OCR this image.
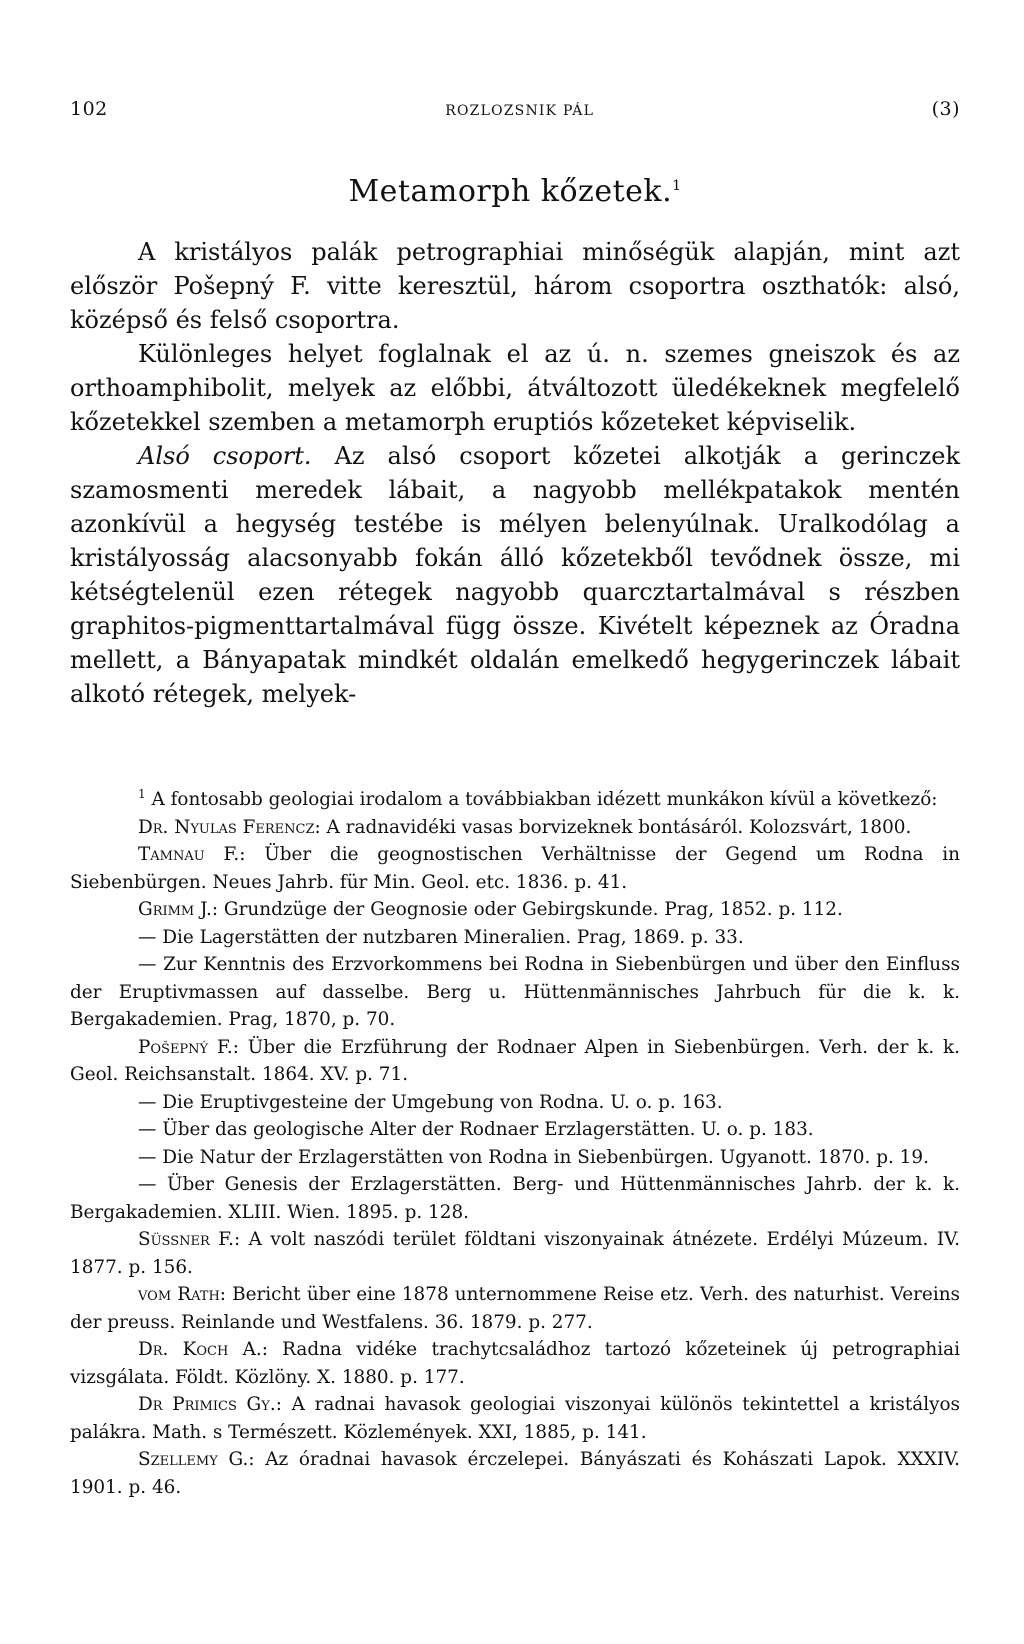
102	ROZLOZSNIK PÁL	(3)
Metamorph kőzetek.$^1$

A kristályos palák petrographiai minőségük alapján, mint azt először Pošepný F. vitte keresztül, három csoportra oszthatók: alsó, középső és felső csoportra.

Különleges helyet foglalnak el az ú. n. szemes gneiszok és az orthoamphibolit, melyek az előbbi, átváltozott üledékeknek megfelelő kőzetekkel szemben a metamorph eruptiós kőzeteket képviselik.

Alsó csoport. Az alsó csoport kőzetei alkotják a gerinczek szamosmenti meredek lábait, a nagyobb mellékpatakok mentén azonkívül a hegység testébe is mélyen belenyúlnak. Uralkodólag a kristályosság alacsonyabb fokán álló kőzetekből tevődnek össze, mi kétségtelenül ezen rétegek nagyobb quarcztartalmával s részben graphitos-pigmenttartalmával függ össze. Kivételt képeznek az Óradna mellett, a Bányapatak mindkét oldalán emelkedő hegygerinczek lábait alkotó rétegek, melyek-

$^1$ A fontosabb geologiai irodalom a továbbiakban idézett munkákon kívül a következő:

Dr. Nyulas Ferencz: A radnavidéki vasas borvizeknek bontásáról. Kolozsvárt, 1800.

Tamnau F.: Über die geognostischen Verhältnisse der Gegend um Rodna in Siebenbürgen. Neues Jahrb. für Min. Geol. etc. 1836. p. 41.

Grimm J.: Grundzüge der Geognosie oder Gebirgskunde. Prag, 1852. p. 112.

— Die Lagerstätten der nutzbaren Mineralien. Prag, 1869. p. 33.

— Zur Kenntnis des Erzvorkommens bei Rodna in Siebenbürgen und über den Einfluss der Eruptivmassen auf dasselbe. Berg u. Hüttenmännisches Jahrbuch für die k. k. Bergakademien. Prag, 1870, p. 70.

Pošepný F.: Über die Erzführung der Rodnaer Alpen in Siebenbürgen. Verh. der k. k. Geol. Reichsanstalt. 1864. XV. p. 71.

— Die Eruptivgesteine der Umgebung von Rodna. U. o. p. 163.

— Über das geologische Alter der Rodnaer Erzlagerstätten. U. o. p. 183.

— Die Natur der Erzlagerstätten von Rodna in Siebenbürgen. Ugyanott. 1870. p. 19.

— Über Genesis der Erzlagerstätten. Berg- und Hüttenmännisches Jahrb. der k. k. Bergakademien. XLIII. Wien. 1895. p. 128.

Süssner F.: A volt naszódi terület földtani viszonyainak átnézete. Erdélyi Múzeum. IV. 1877. p. 156.

vom Rath: Bericht über eine 1878 unternommene Reise etz. Verh. des naturhist. Vereins der preuss. Reinlande und Westfalens. 36. 1879. p. 277.

Dr. Koch A.: Radna vidéke trachytcsaládhoz tartozó kőzeteinek új petrographiai vizsgálata. Földt. Közlöny. X. 1880. p. 177.

Dr Primics Gy.: A radnai havasok geologiai viszonyai különös tekintettel a kristályos palákra. Math. s Természett. Közlemények. XXI, 1885, p. 141.

Szellemy G.: Az óradnai havasok érczelepei. Bányászati és Kohászati Lapok. XXXIV. 1901. p. 46.
